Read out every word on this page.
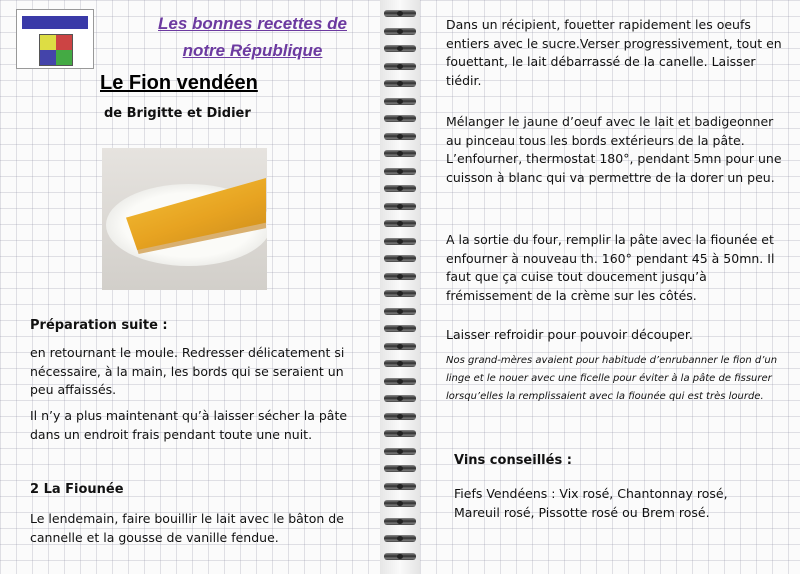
Les bonnes recettes de
notre République
Le Fion vendéen
de Brigitte et Didier
Préparation suite :
en retournant le moule. Redresser délicatement si nécessaire, à la main, les bords qui se seraient un peu affaissés.
Il n’y a plus maintenant qu’à laisser sécher la pâte dans un endroit frais pendant toute une nuit.
2 La Fiounée
Le lendemain, faire bouillir le lait avec le bâton de cannelle et la gousse de vanille fendue.
Dans un récipient, fouetter rapidement les oeufs entiers avec le sucre.Verser progressivement, tout en fouettant, le lait débarrassé de la canelle. Laisser tiédir.
Mélanger le jaune d’oeuf avec le lait et badigeonner au pinceau tous les bords extérieurs de la pâte. L’enfourner, thermostat 180°, pendant 5mn pour une cuisson à blanc qui va permettre de la dorer un peu.
A la sortie du four, remplir la pâte avec la fiounée et enfourner à nouveau th. 160° pendant 45 à 50mn. Il faut que ça cuise tout doucement jusqu’à frémissement de la crème sur les côtés.
Laisser refroidir pour pouvoir découper.
Nos grand-mères avaient pour habitude d’enrubanner le fion d’un linge et le nouer avec une ficelle pour éviter à la pâte de fissurer lorsqu’elles la remplissaient avec la fiounée qui est très lourde.
Vins conseillés :
Fiefs Vendéens : Vix rosé, Chantonnay rosé, Mareuil rosé, Pissotte rosé ou Brem rosé.
